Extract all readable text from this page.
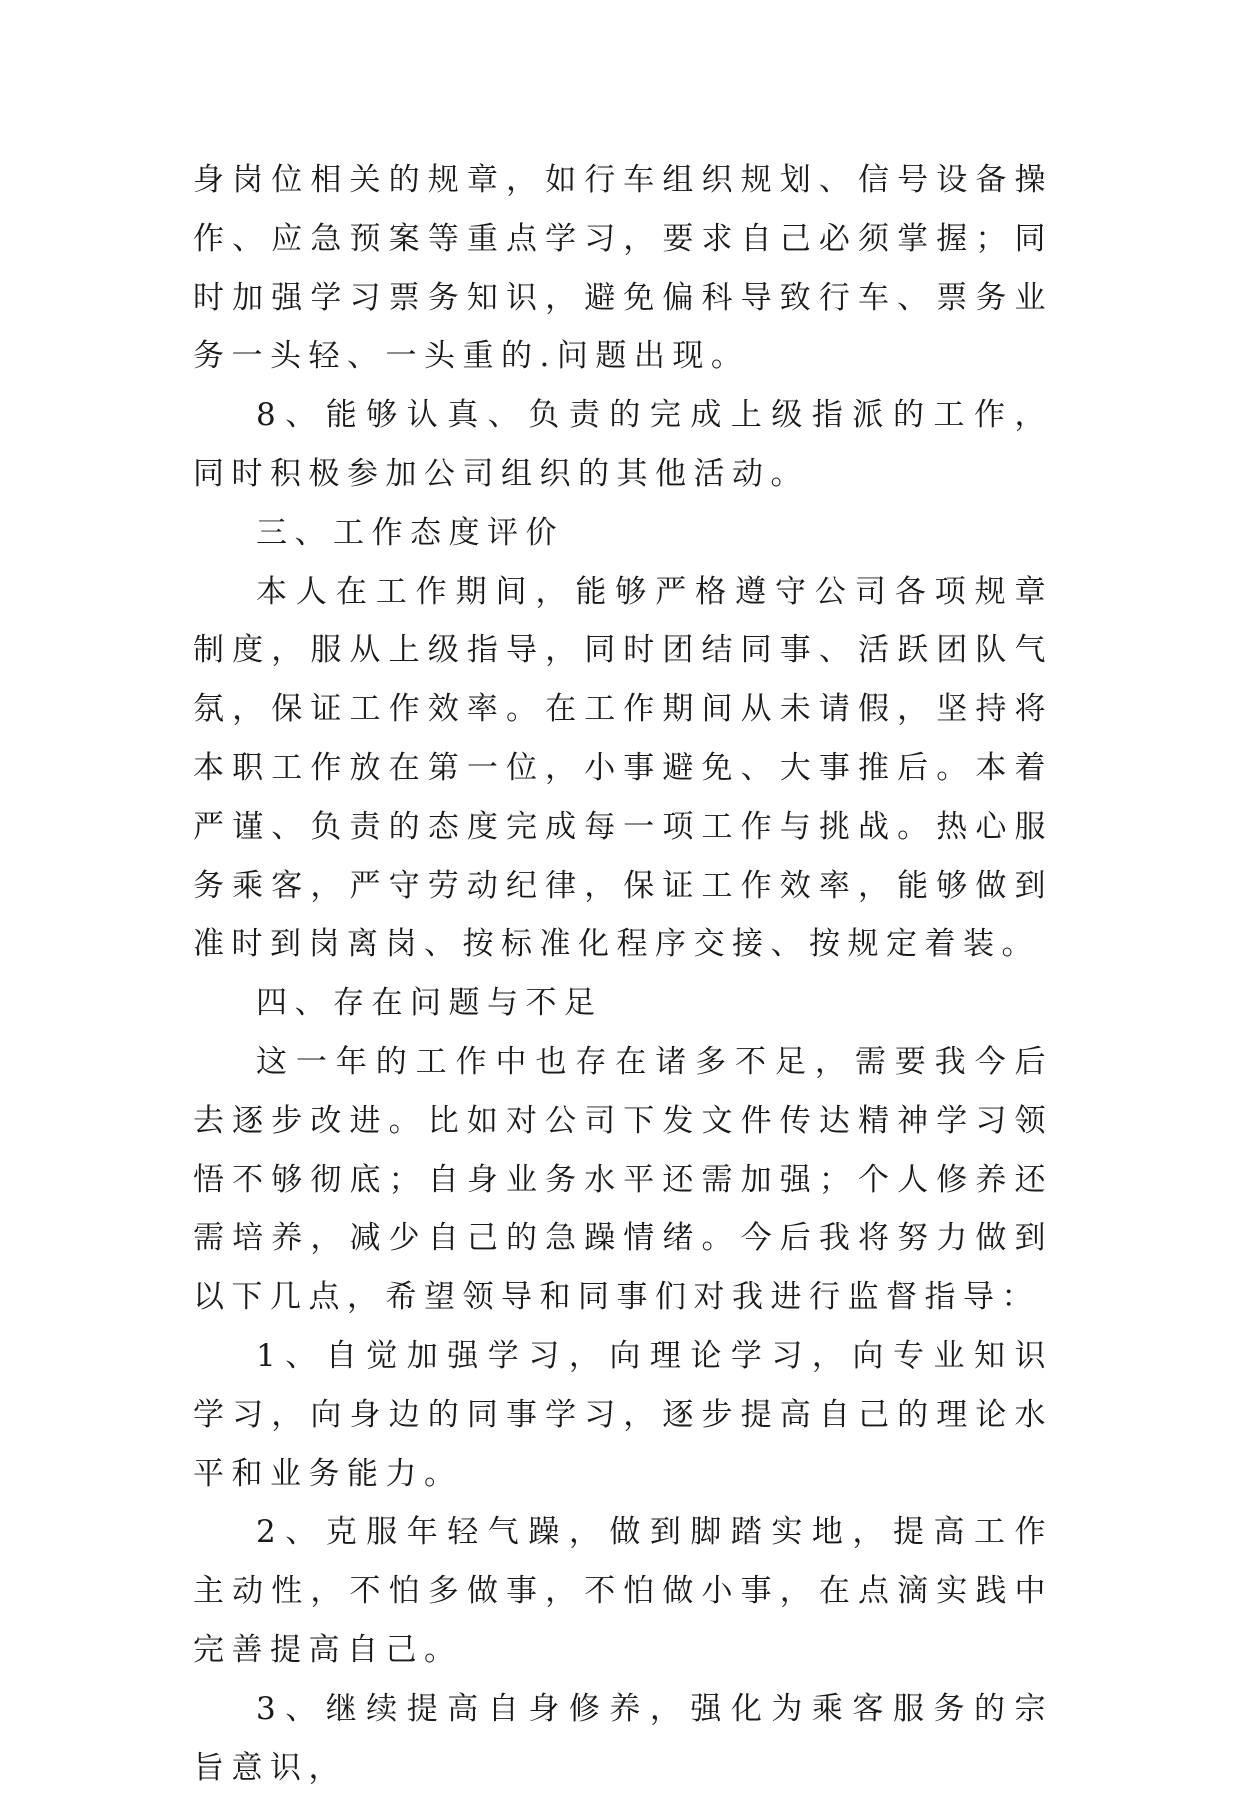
身岗位相关的规章，如行车组织规划、信号设备操作、应急预案等重点学习，要求自己必须掌握；同时加强学习票务知识，避免偏科导致行车、票务业务一头轻、一头重的.问题出现。

8、能够认真、负责的完成上级指派的工作，同时积极参加公司组织的其他活动。

三、工作态度评价

本人在工作期间，能够严格遵守公司各项规章制度，服从上级指导，同时团结同事、活跃团队气氛，保证工作效率。在工作期间从未请假，坚持将本职工作放在第一位，小事避免、大事推后。本着严谨、负责的态度完成每一项工作与挑战。热心服务乘客，严守劳动纪律，保证工作效率，能够做到准时到岗离岗、按标准化程序交接、按规定着装。

四、存在问题与不足

这一年的工作中也存在诸多不足，需要我今后去逐步改进。比如对公司下发文件传达精神学习领悟不够彻底；自身业务水平还需加强；个人修养还需培养，减少自己的急躁情绪。今后我将努力做到以下几点，希望领导和同事们对我进行监督指导：

1、自觉加强学习，向理论学习，向专业知识学习，向身边的同事学习，逐步提高自己的理论水平和业务能力。

2、克服年轻气躁，做到脚踏实地，提高工作主动性，不怕多做事，不怕做小事，在点滴实践中完善提高自己。

3、继续提高自身修养，强化为乘客服务的宗旨意识，
